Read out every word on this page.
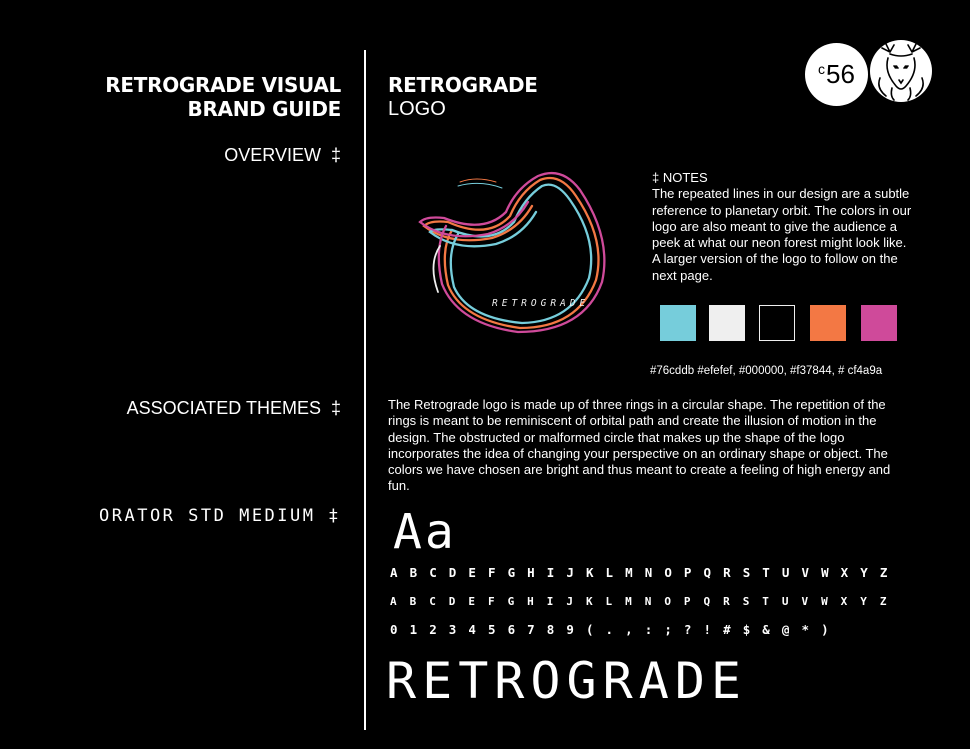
RETROGRADE VISUAL
BRAND GUIDE
OVERVIEW ‡
ASSOCIATED THEMES ‡
ORATOR STD MEDIUM ‡
RETROGRADE
LOGO
c 56
RETROGRADE
‡ NOTES
The repeated lines in our design are a subtle reference to planetary orbit. The colors in our logo are also meant to give the audience a peek at what our neon forest might look like. A larger version of the logo to follow on the next page.
#76cddb #efefef, #000000, #f37844, # cf4a9a
The Retrograde logo is made up of three rings in a circular shape. The repetition of the rings is meant to be reminiscent of orbital path and create the illusion of motion in the design. The obstructed or malformed circle that makes up the shape of the logo incorporates the idea of changing your perspective on an ordinary shape or object. The colors we have chosen are bright and thus meant to create a feeling of high energy and fun.
Aa
A B C D E F G H I J K L M N O P Q R S T U V W X Y Z
A B C D E F G H I J K L M N O P Q R S T U V W X Y Z
0 1 2 3 4 5 6 7 8 9 ( . , : ; ? ! # $ & @ * )
RETROGRADE
